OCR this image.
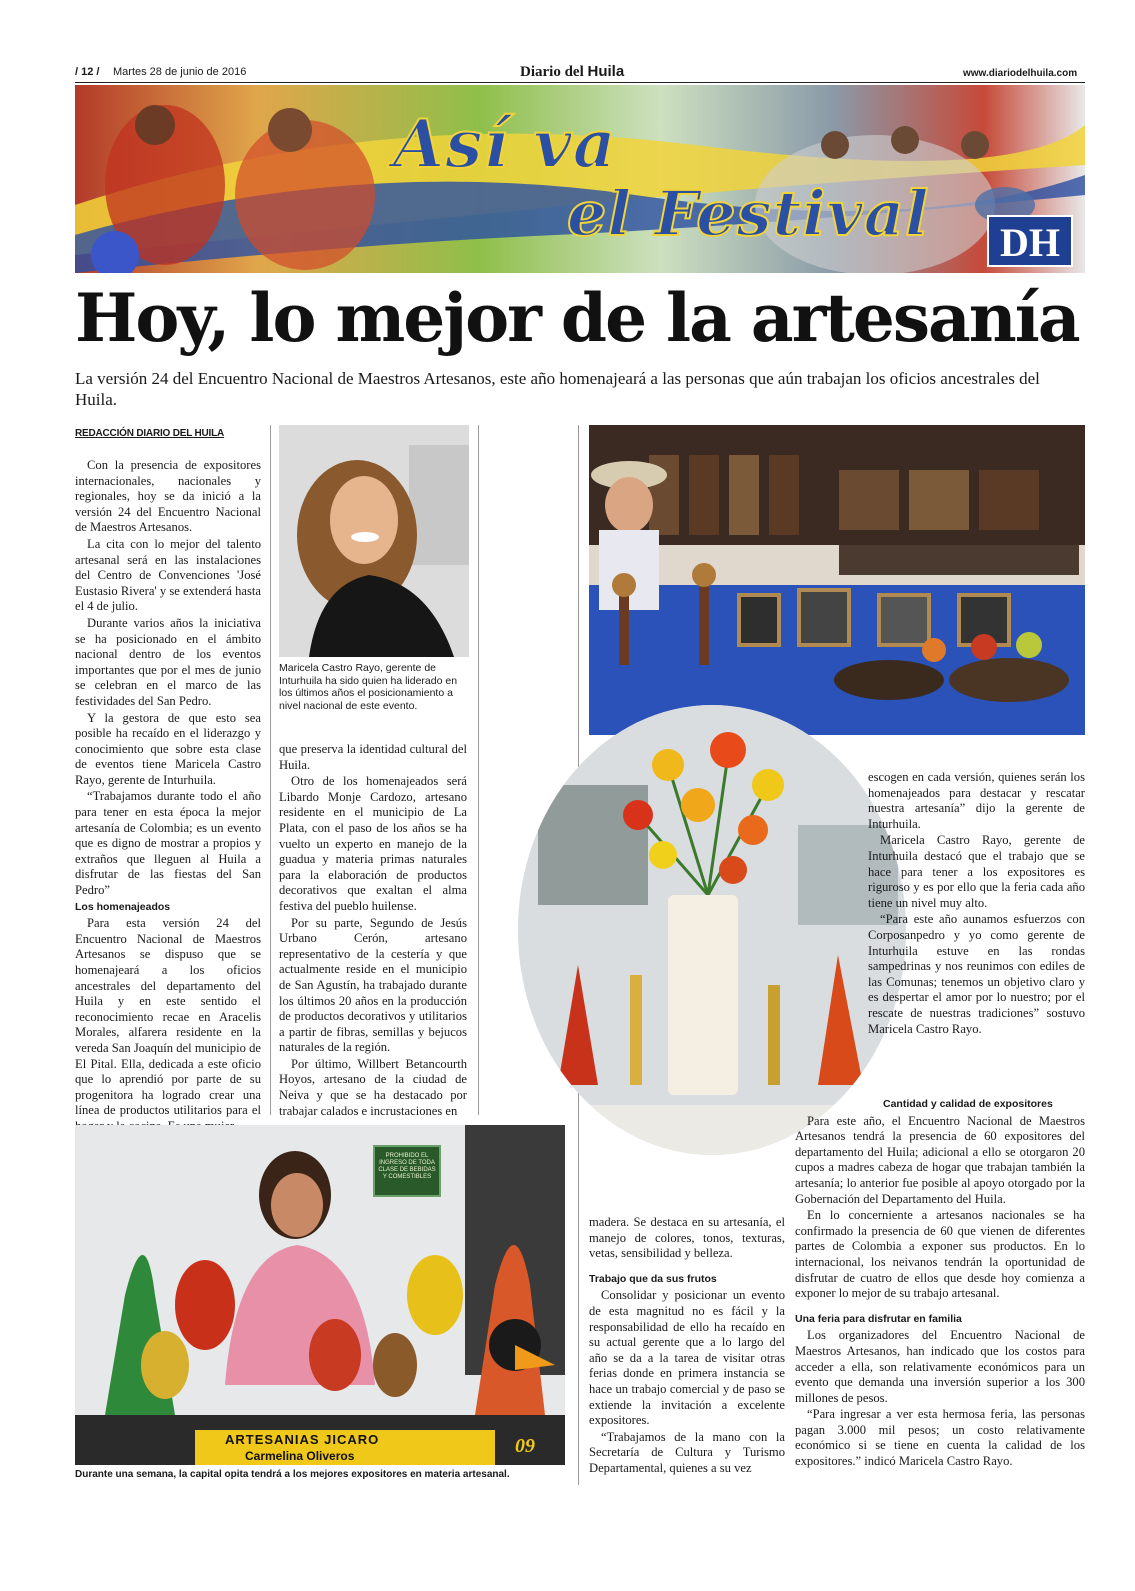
/ 12 / Martes 28 de junio de 2016	Diario del Huila	www.diariodelhuila.com
Así va
el Festival	DH
Hoy, lo mejor de la artesanía
La versión 24 del Encuentro Nacional de Maestros Artesanos, este año homenajeará a las personas que aún trabajan los oficios ancestrales del Huila.
REDACCIÓN DIARIO DEL HUILA

Con la presencia de expositores internacionales, nacionales y regionales, hoy se da inició a la versión 24 del Encuentro Nacional de Maestros Artesanos.

La cita con lo mejor del talento artesanal será en las instalaciones del Centro de Convenciones 'José Eustasio Rivera' y se extenderá hasta el 4 de julio.

Durante varios años la iniciativa se ha posicionado en el ámbito nacional dentro de los eventos importantes que por el mes de junio se celebran en el marco de las festividades del San Pedro.

Y la gestora de que esto sea posible ha recaído en el liderazgo y conocimiento que sobre esta clase de eventos tiene Maricela Castro Rayo, gerente de Inturhuila.

“Trabajamos durante todo el año para tener en esta época la mejor artesanía de Colombia; es un evento que es digno de mostrar a propios y extraños que lleguen al Huila a disfrutar de las fiestas del San Pedro”

Los homenajeados

Para esta versión 24 del Encuentro Nacional de Maestros Artesanos se dispuso que se homenajeará a los oficios ancestrales del departamento del Huila y en este sentido el reconocimiento recae en Aracelis Morales, alfarera residente en la vereda San Joaquín del municipio de El Pital. Ella, dedicada a este oficio que lo aprendió por parte de su progenitora ha logrado crear una línea de productos utilitarios para el

Maricela Castro Rayo, gerente de Inturhuila ha sido quien ha liderado en los últimos años el posicionamiento a nivel nacional de este evento.

que preserva la identidad cultural del Huila.

Otro de los homenajeados será Libardo Monje Cardozo, artesano residente en el municipio de La Plata, con el paso de los años se ha vuelto un experto en manejo de la guadua y materia primas naturales para la elaboración de productos decorativos que exaltan el alma festiva del pueblo huilense.

Por su parte, Segundo de Jesús Urbano Cerón, artesano representativo de la cestería y que actualmente reside en el municipio de San Agustín, ha trabajado durante los últimos 20 años en la producción de productos decorativos y utilitarios a partir de fibras, semillas y bejucos naturales de la región.

Por último, Willbert Betancourth Hoyos, artesano de la ciudad de Neiva y que se ha destacado por trabajar calados e incrustaciones en

escogen en cada versión, quienes serán los homenajeados para destacar y rescatar nuestra artesanía” dijo la gerente de Inturhuila.

Maricela Castro Rayo, gerente de Inturhuila destacó que el trabajo que se hace para tener a los expositores es riguroso y es por ello que la feria cada año tiene un nivel muy alto.

“Para este año aunamos esfuerzos con Corposanpedro y yo como gerente de Inturhuila estuve en las rondas sampedrinas y nos reunimos con ediles de las Comunas; tenemos un objetivo claro y es despertar el amor por lo nuestro; por el rescate de nuestras tradiciones” sostuvo Maricela Castro Rayo.

Cantidad y calidad de expositores

Para este año, el Encuentro Nacional de Maestros Artesanos tendrá la presencia de 60 expositores del departamento del Huila; adicional a ello se otorgaron 20 cupos a madres cabeza de hogar que trabajan también la artesanía; lo anterior fue posible al apoyo otorgado por la Gobernación del Departamento del Huila.

En lo concerniente a artesanos nacionales se ha confirmado la presencia de 60 que vienen de diferentes partes de Colombia a exponer sus productos. En lo internacional, los neivanos tendrán la oportunidad de disfrutar de cuatro de ellos que desde hoy comienza a exponer lo mejor de su trabajo artesanal.

Una feria para disfrutar en familia

Los organizadores del Encuentro Nacional de Maestros Artesanos, han indicado que los costos para acceder a ella, son relativamente económicos para un evento que demanda una inversión superior a los 300 millones de pesos.

“Para ingresar a ver esta hermosa feria, las personas pagan 3.000 mil pesos; un costo relativamente económico si se tiene en cuenta la calidad de los expositores.” indicó Maricela Castro Rayo.

madera. Se destaca en su artesanía, el manejo de colores, tonos, texturas, vetas, sensibilidad y belleza.

Trabajo que da sus frutos

Consolidar y posicionar un evento de esta magnitud no es fácil y la responsabilidad de ello ha recaído en su actual gerente que a lo largo del año se da a la tarea de visitar otras ferias donde en primera instancia se hace un trabajo comercial y de paso se extiende la invitación a excelente expositores.

“Trabajamos de la mano con la Secretaría de Cultura y Turismo Departamental, quienes a su vez

PROHIBIDO EL INGRESO DE TODA CLASE DE BEBIDAS Y COMESTIBLES
ARTESANIAS JICARO
Carmelina Oliveros	09
Durante una semana, la capital opita tendrá a los mejores expositores en materia artesanal.
